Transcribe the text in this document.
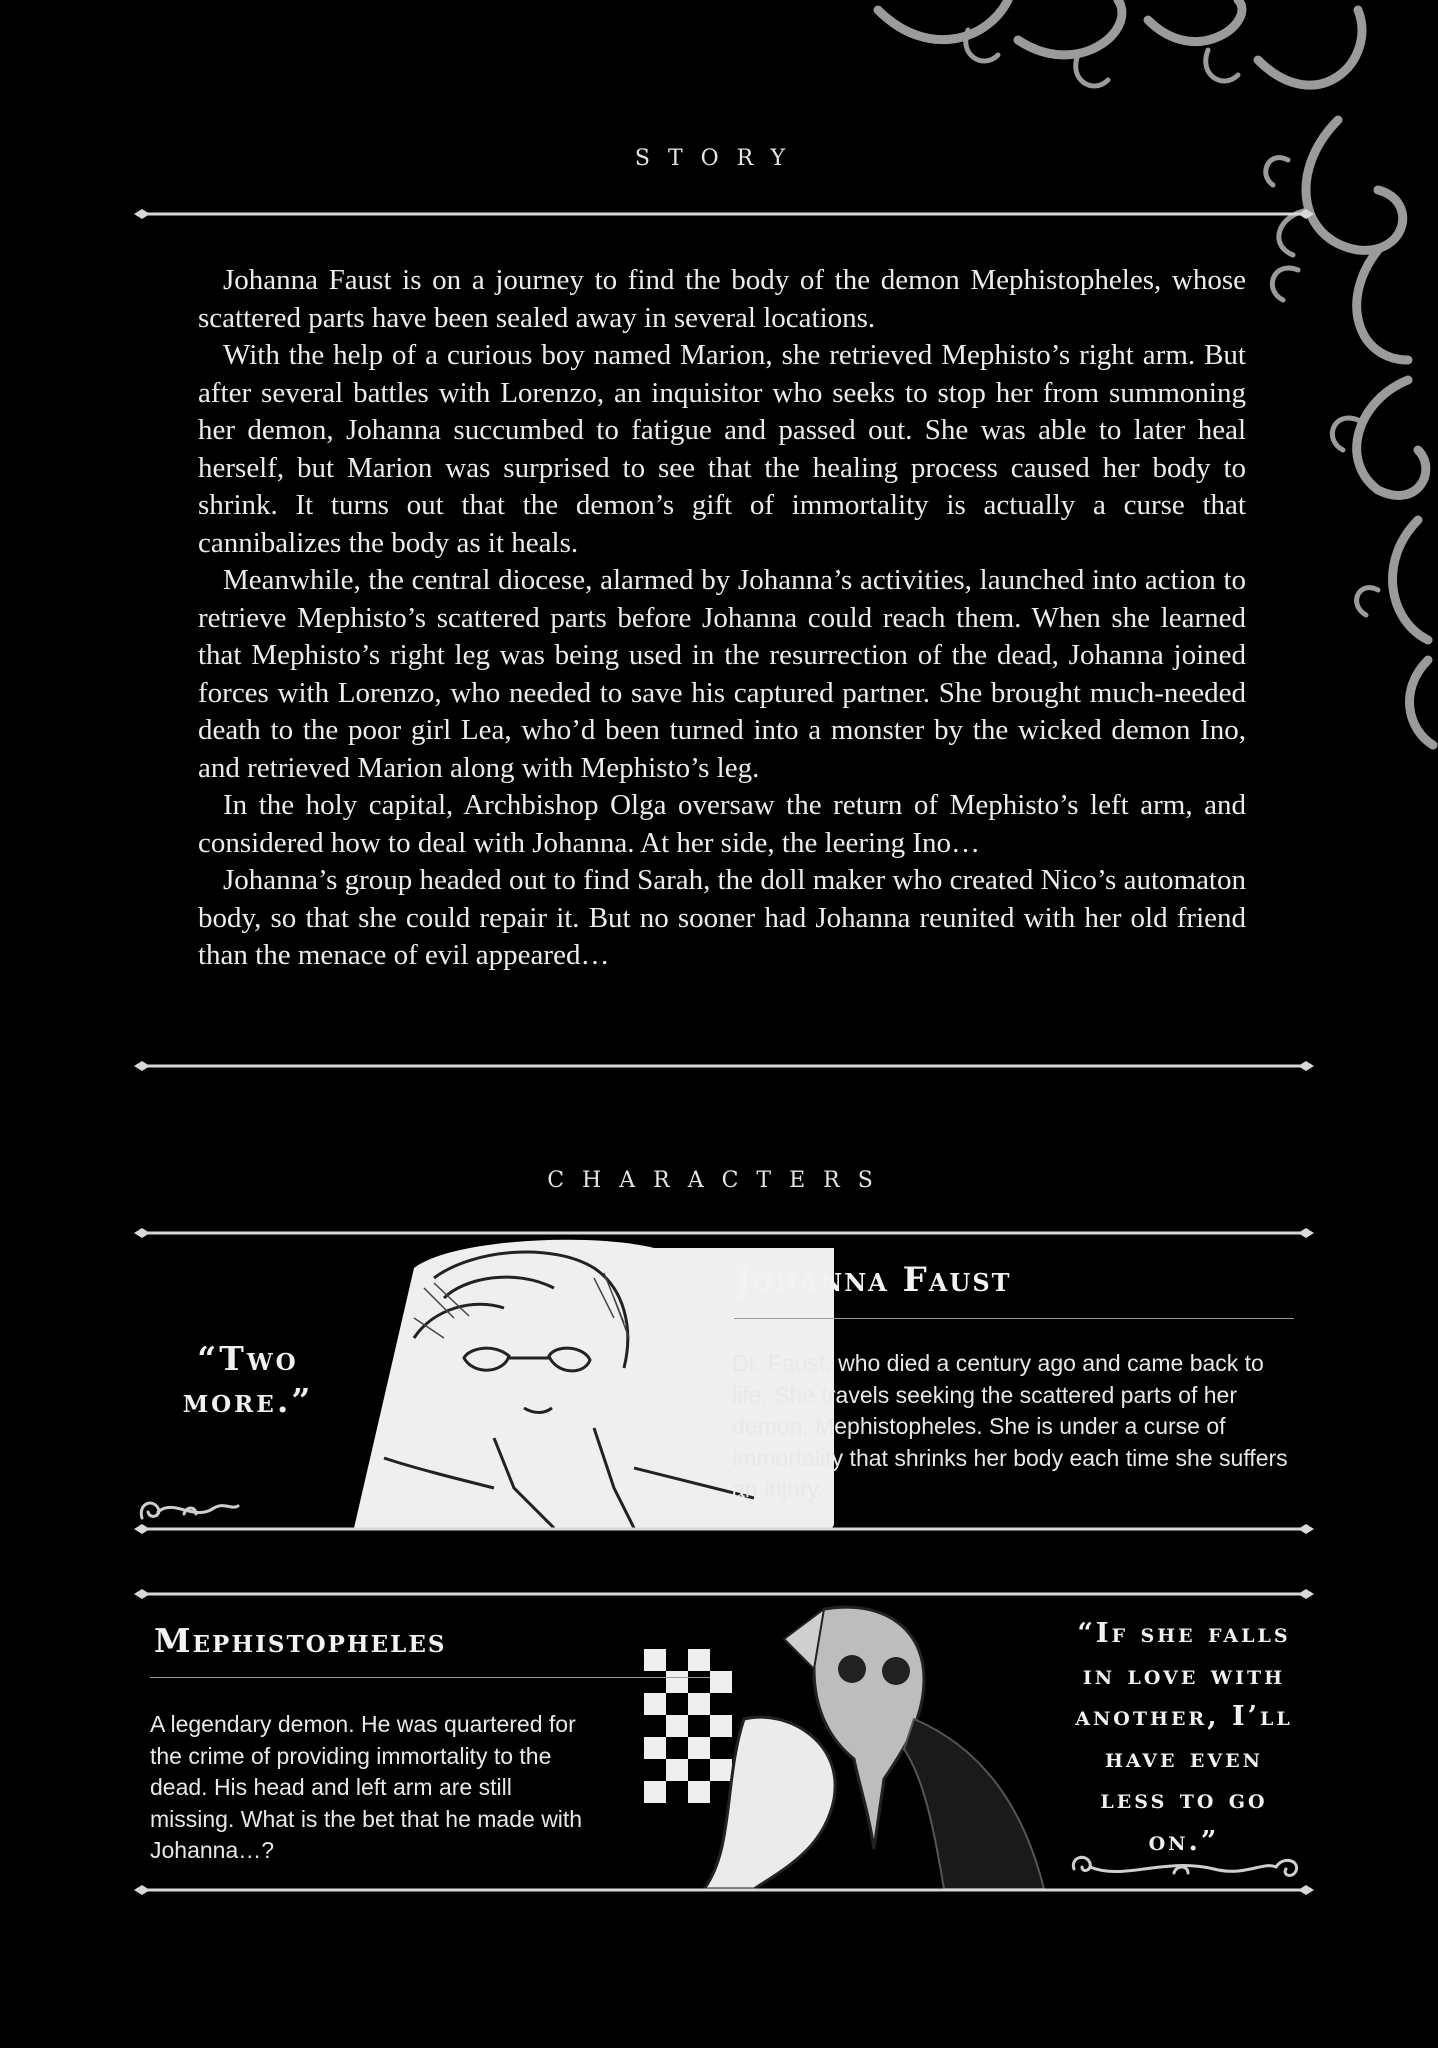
STORY

Johanna Faust is on a journey to find the body of the demon Mephistopheles, whose scattered parts have been sealed away in several locations.

With the help of a curious boy named Marion, she retrieved Mephisto’s right arm. But after several battles with Lorenzo, an inquisitor who seeks to stop her from summoning her demon, Johanna succumbed to fatigue and passed out. She was able to later heal herself, but Marion was surprised to see that the healing process caused her body to shrink. It turns out that the demon’s gift of immortality is actually a curse that cannibalizes the body as it heals.

Meanwhile, the central diocese, alarmed by Johanna’s activities, launched into action to retrieve Mephisto’s scattered parts before Johanna could reach them. When she learned that Mephisto’s right leg was being used in the resurrection of the dead, Johanna joined forces with Lorenzo, who needed to save his captured partner. She brought much-needed death to the poor girl Lea, who’d been turned into a monster by the wicked demon Ino, and retrieved Marion along with Mephisto’s leg.

In the holy capital, Archbishop Olga oversaw the return of Mephisto’s left arm, and considered how to deal with Johanna. At her side, the leering Ino…

Johanna’s group headed out to find Sarah, the doll maker who created Nico’s automaton body, so that she could repair it. But no sooner had Johanna reunited with her old friend than the menace of evil appeared…

CHARACTERS
“Two
more.”
Johanna Faust
Dr. Faust, who died a century ago and came back to life. She travels seeking the scattered parts of her demon, Mephistopheles. She is under a curse of immortality that shrinks her body each time she suffers an injury.
Mephistopheles
A legendary demon. He was quartered for the crime of providing immortality to the dead. His head and left arm are still missing. What is the bet that he made with Johanna…?
“If she falls
in love with
another, I’ll
have even
less to go
on.”
